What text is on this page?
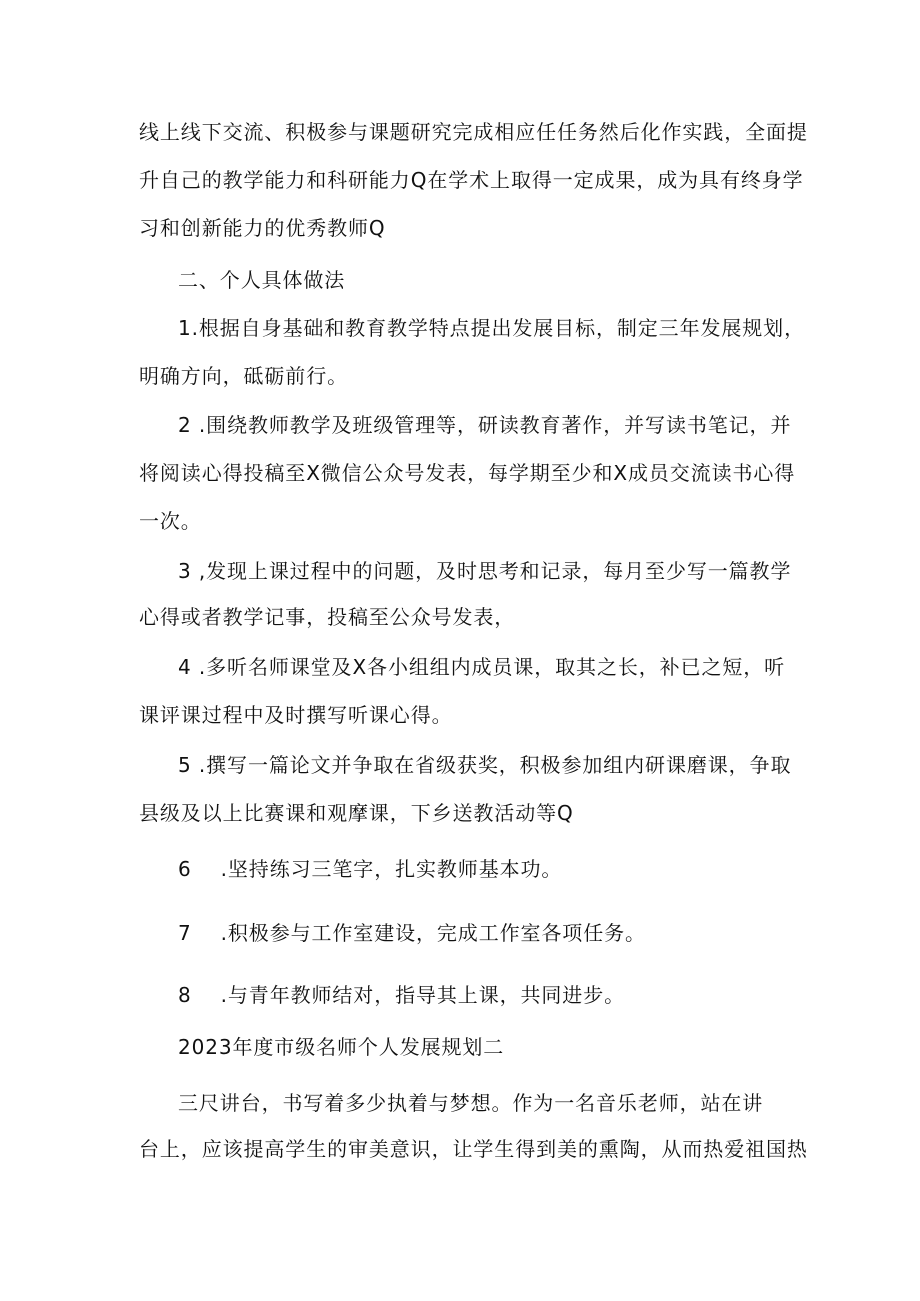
线上线下交流、积极参与课题研究完成相应任任务然后化作实践，全面提
升自己的教学能力和科研能力Q在学术上取得一定成果，成为具有终身学
习和创新能力的优秀教师Q
二、个人具体做法
1.根据自身基础和教育教学特点提出发展目标，制定三年发展规划，
明确方向，砥砺前行。
2 .围绕教师教学及班级管理等，研读教育著作，并写读书笔记，并
将阅读心得投稿至X微信公众号发表，每学期至少和X成员交流读书心得
一次。
3 ,发现上课过程中的问题，及时思考和记录，每月至少写一篇教学
心得或者教学记事，投稿至公众号发表，
4 .多听名师课堂及X各小组组内成员课，取其之长，补已之短，听
课评课过程中及时撰写听课心得。
5 .撰写一篇论文并争取在省级获奖，积极参加组内研课磨课，争取
县级及以上比赛课和观摩课，下乡送教活动等Q
6    .坚持练习三笔字，扎实教师基本功。
7    .积极参与工作室建设，完成工作室各项任务。
8    .与青年教师结对，指导其上课，共同进步。
2023年度市级名师个人发展规划二
三尺讲台，书写着多少执着与梦想。作为一名音乐老师，站在讲
台上，应该提高学生的审美意识，让学生得到美的熏陶，从而热爱祖国热
